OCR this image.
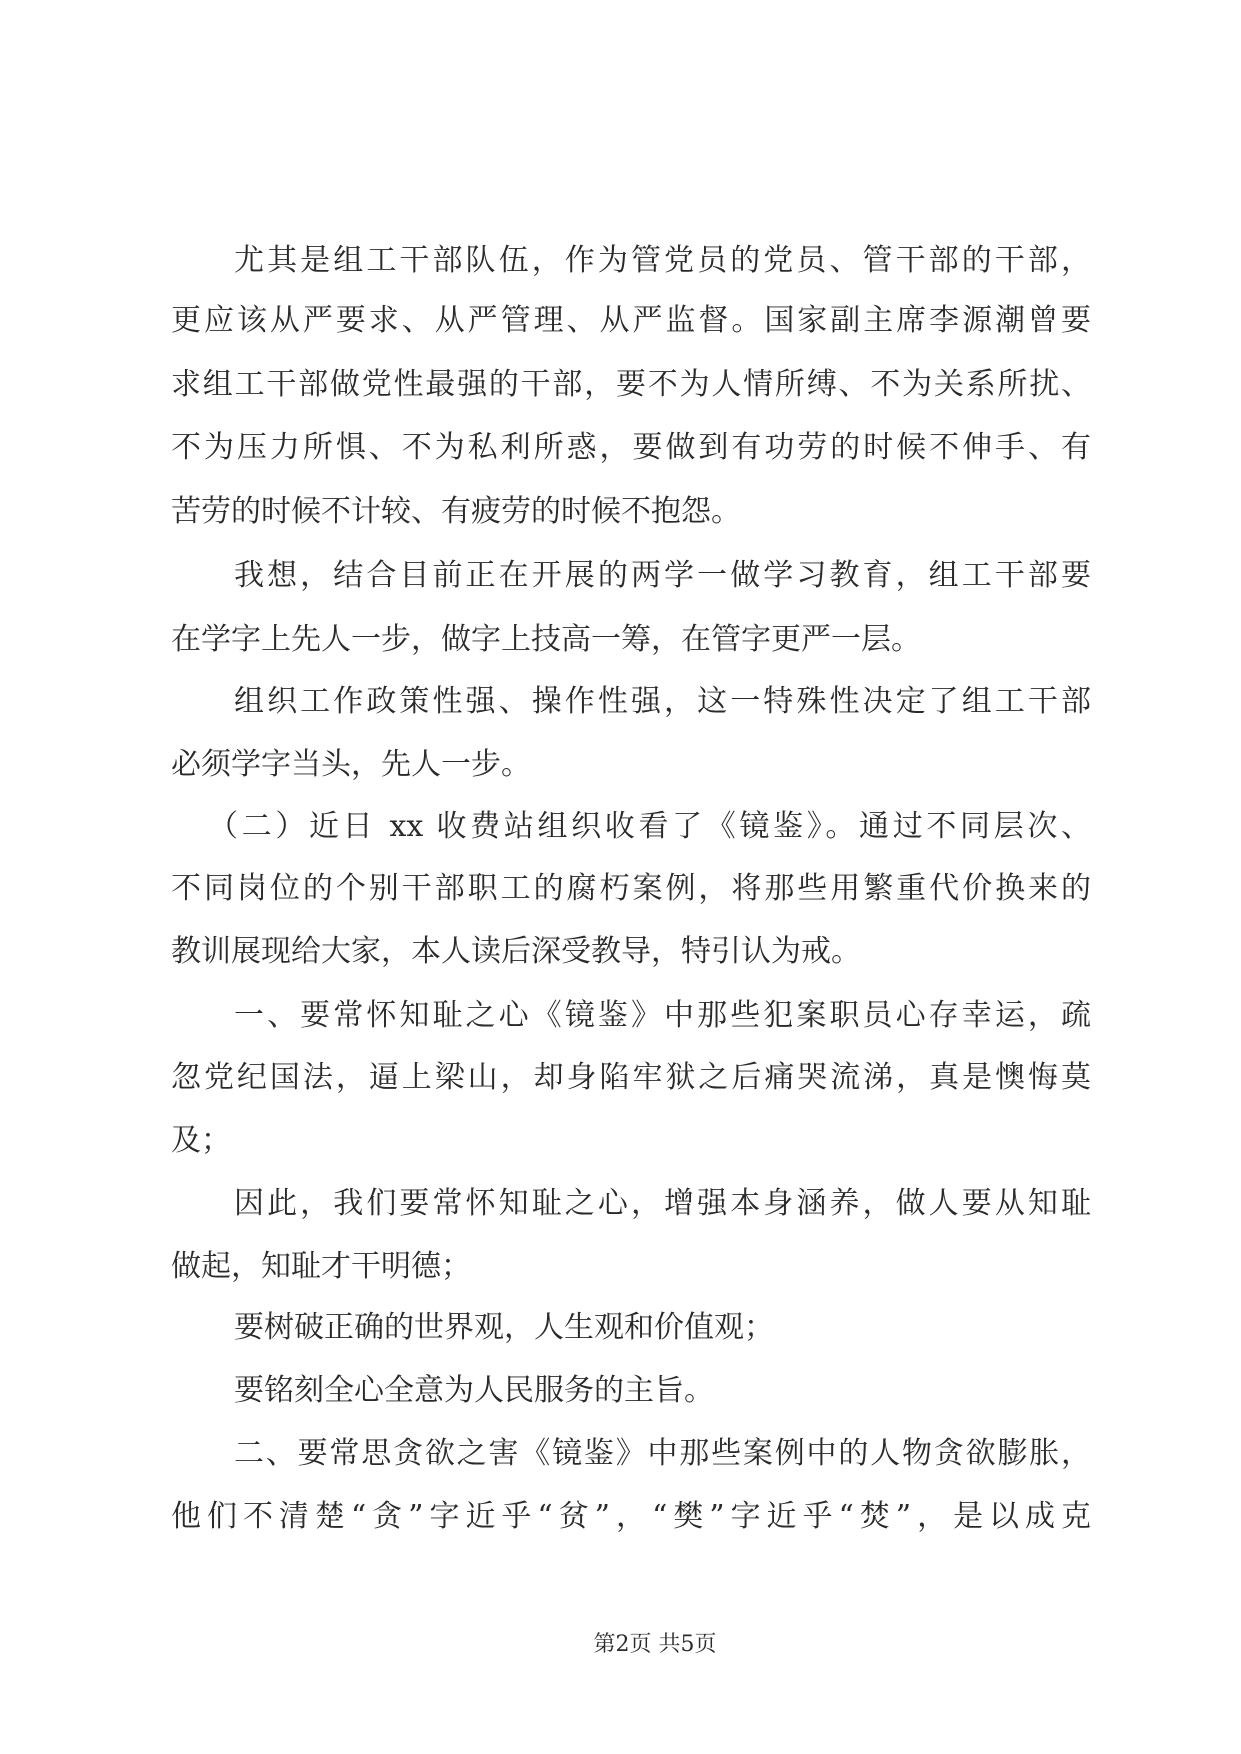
尤其是组工干部队伍，作为管党员的党员、管干部的干部，
更应该从严要求、从严管理、从严监督。国家副主席李源潮曾要
求组工干部做党性最强的干部，要不为人情所缚、不为关系所扰、
不为压力所惧、不为私利所惑，要做到有功劳的时候不伸手、有
苦劳的时候不计较、有疲劳的时候不抱怨。
我想，结合目前正在开展的两学一做学习教育，组工干部要
在学字上先人一步，做字上技高一筹，在管字更严一层。
组织工作政策性强、操作性强，这一特殊性决定了组工干部
必须学字当头，先人一步。
（二）近日 xx 收费站组织收看了《镜鉴》。通过不同层次、
不同岗位的个别干部职工的腐朽案例，将那些用繁重代价换来的
教训展现给大家，本人读后深受教导，特引认为戒。
一、要常怀知耻之心《镜鉴》中那些犯案职员心存幸运，疏
忽党纪国法，逼上梁山，却身陷牢狱之后痛哭流涕，真是懊悔莫
及；
因此，我们要常怀知耻之心，增强本身涵养，做人要从知耻
做起，知耻才干明德；
要树破正确的世界观，人生观和价值观；
要铭刻全心全意为人民服务的主旨。
二、要常思贪欲之害《镜鉴》中那些案例中的人物贪欲膨胀，
他们不清楚“贪”字近乎“贫”，“樊”字近乎“焚”，是以成克
第2页 共5页
